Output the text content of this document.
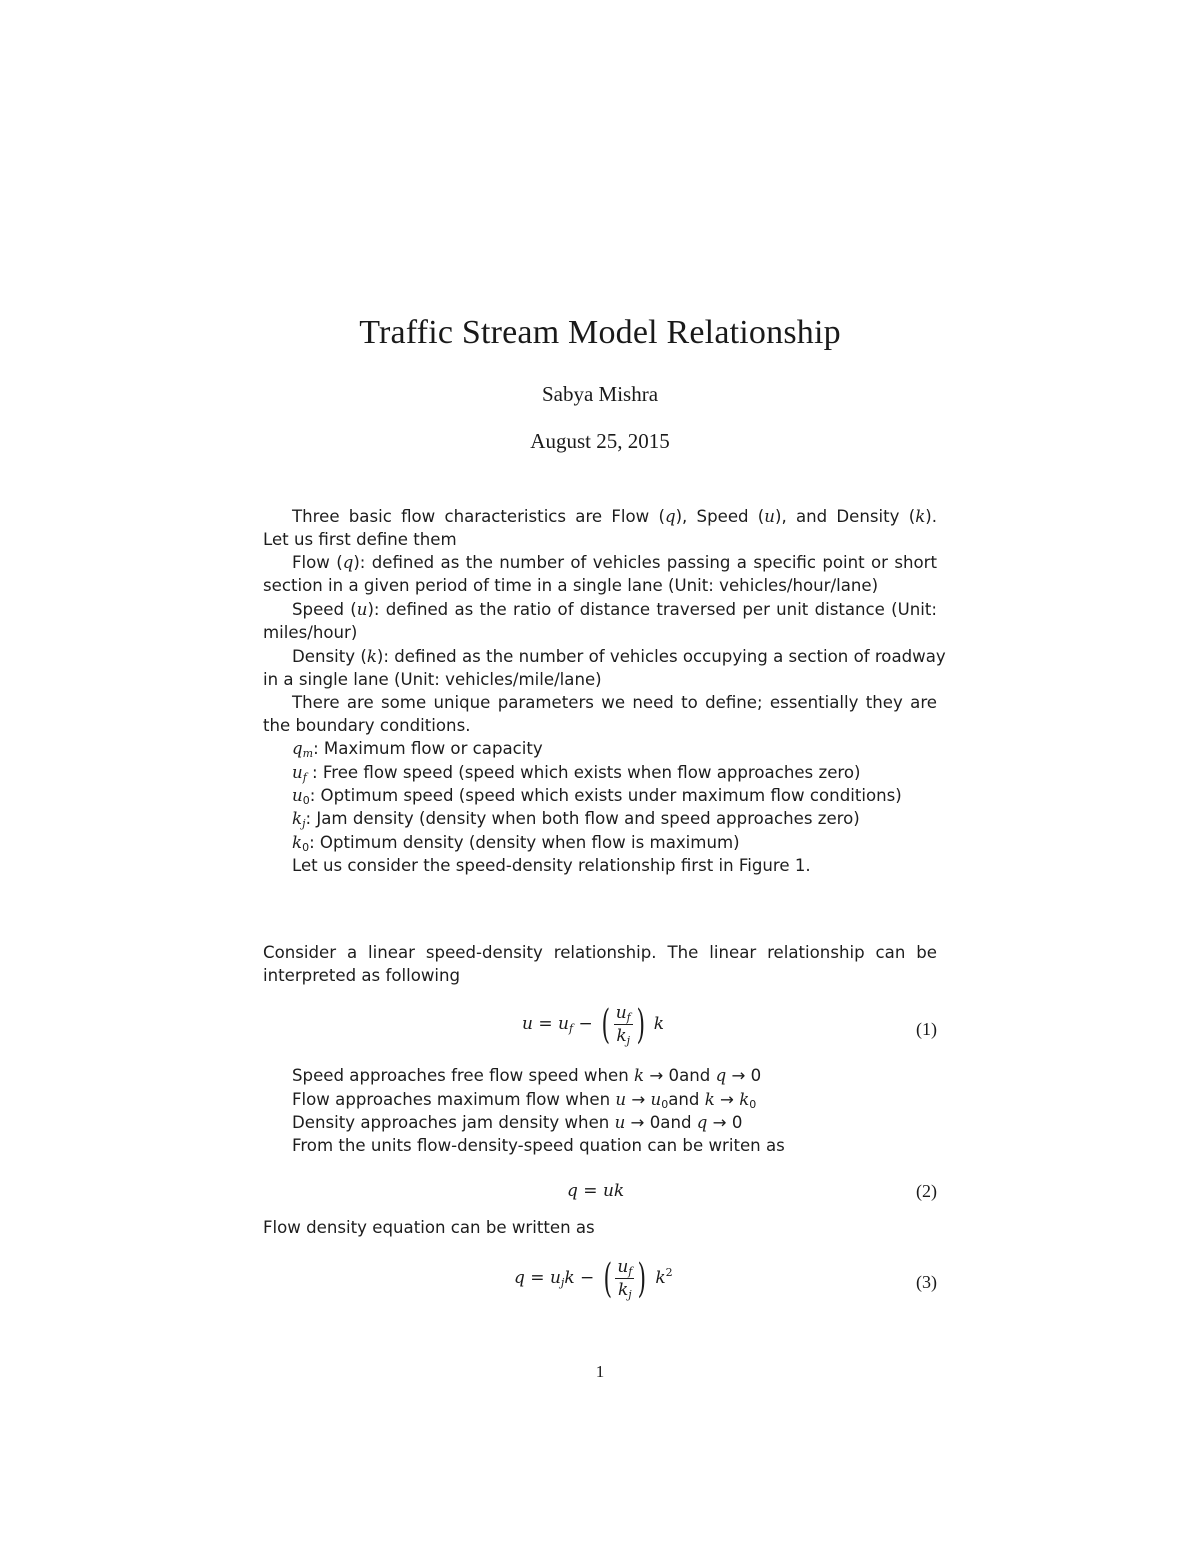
Traffic Stream Model Relationship
Sabya Mishra
August 25, 2015
Three basic flow characteristics are Flow (q), Speed (u), and Density (k).
Let us first define them
Flow (q): defined as the number of vehicles passing a specific point or short
section in a given period of time in a single lane (Unit: vehicles/hour/lane)
Speed (u): defined as the ratio of distance traversed per unit distance (Unit:
miles/hour)
Density (k): defined as the number of vehicles occupying a section of roadway
in a single lane (Unit: vehicles/mile/lane)
There are some unique parameters we need to define; essentially they are
the boundary conditions.
$q_m$: Maximum flow or capacity
$u_f$ : Free flow speed (speed which exists when flow approaches zero)
$u_0$: Optimum speed (speed which exists under maximum flow conditions)
$k_j$: Jam density (density when both flow and speed approaches zero)
$k_0$: Optimum density (density when flow is maximum)
Let us consider the speed-density relationship first in Figure 1.
Consider a linear speed-density relationship. The linear relationship can be
interpreted as following
Speed approaches free flow speed when k → 0and q → 0
Flow approaches maximum flow when $u \to u_0and$ $k \to k_0$
Density approaches jam density when u → 0and q → 0
From the units flow-density-speed quation can be writen as
Flow density equation can be written as
$u = u_f$ − ( $\frac{u_f}{k_j}$ ) k	(1)
q = uk	(2)
$q = u_jk$ − ( $\frac{u_f}{k_j}$ ) $k^2$	(3)
1
